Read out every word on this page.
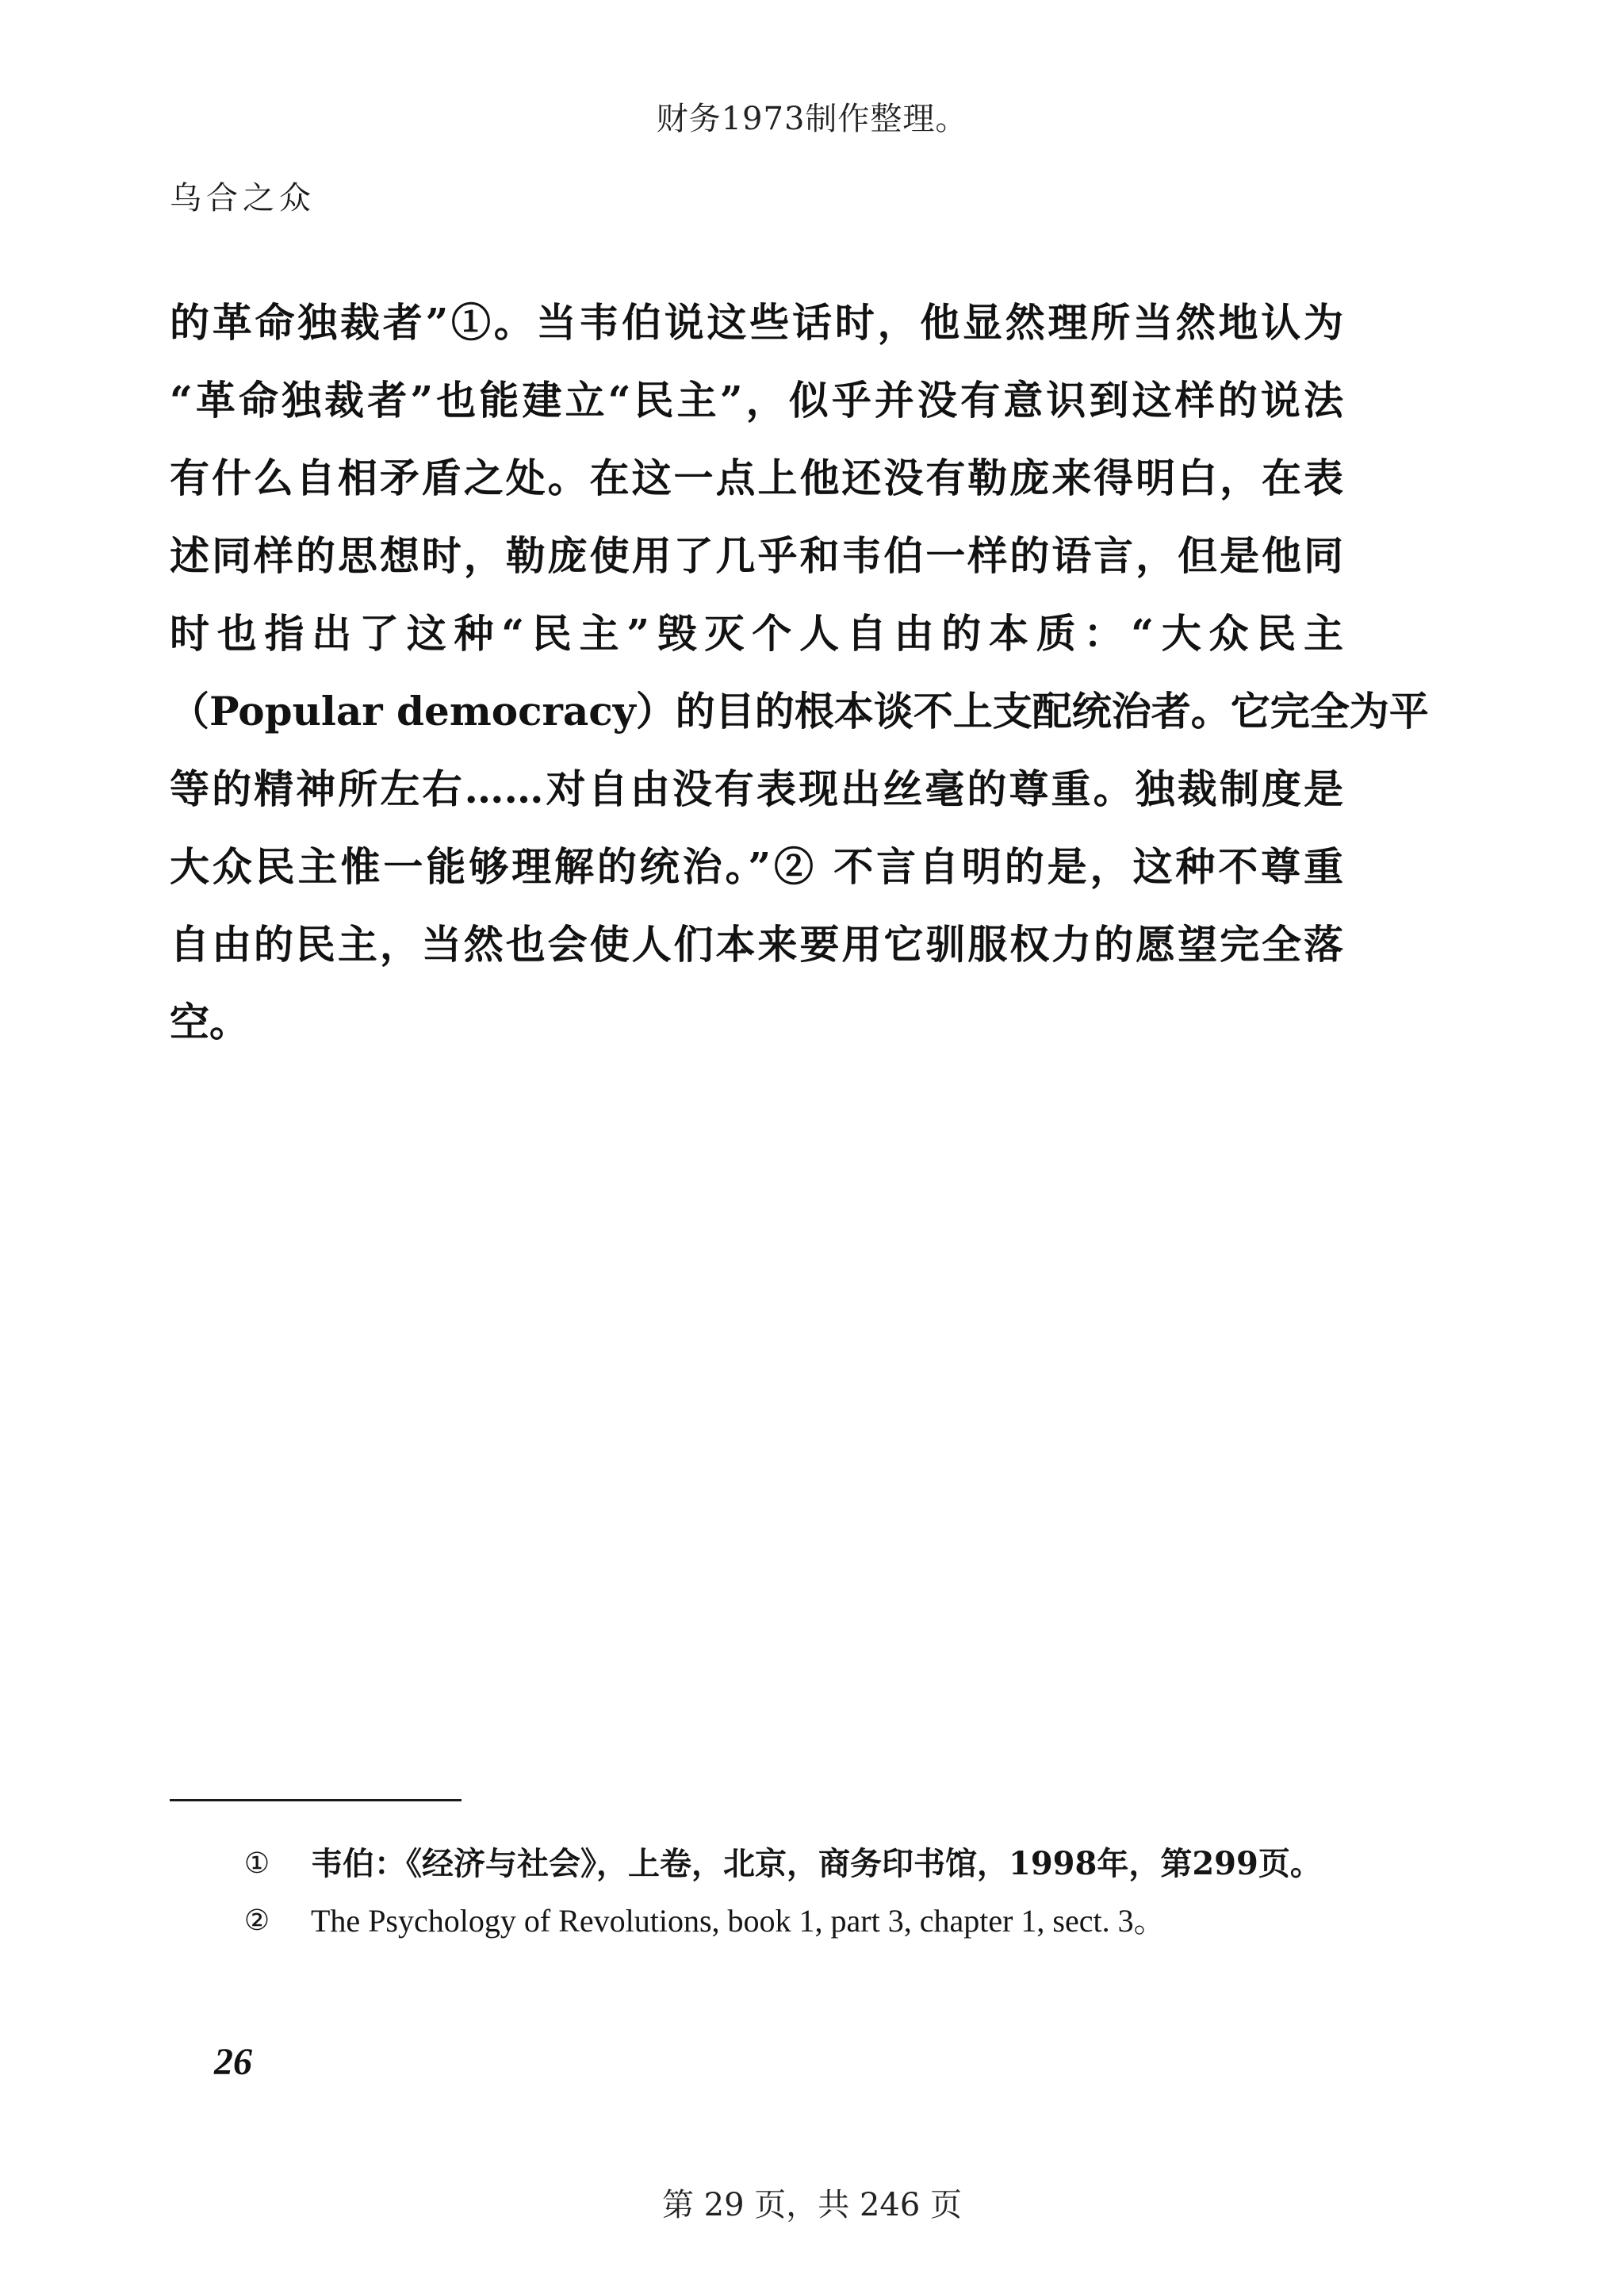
财务1973制作整理。
乌合之众
的革命独裁者”①。当韦伯说这些话时，他显然理所当然地认为
“革命独裁者”也能建立“民主”，似乎并没有意识到这样的说法
有什么自相矛盾之处。在这一点上他还没有勒庞来得明白，在表
述同样的思想时，勒庞使用了几乎和韦伯一样的语言，但是他同
时也指出了这种“民主”毁灭个人自由的本质：“大众民主
（Popular democracy）的目的根本谈不上支配统治者。它完全为平
等的精神所左右……对自由没有表现出丝毫的尊重。独裁制度是
大众民主惟一能够理解的统治。”② 不言自明的是，这种不尊重
自由的民主，当然也会使人们本来要用它驯服权力的愿望完全落
空。
① 韦伯：《经济与社会》，上卷，北京，商务印书馆，1998年，第299页。
② The Psychology of Revolutions, book 1, part 3, chapter 1, sect. 3。
26
第 29 页，共 246 页
